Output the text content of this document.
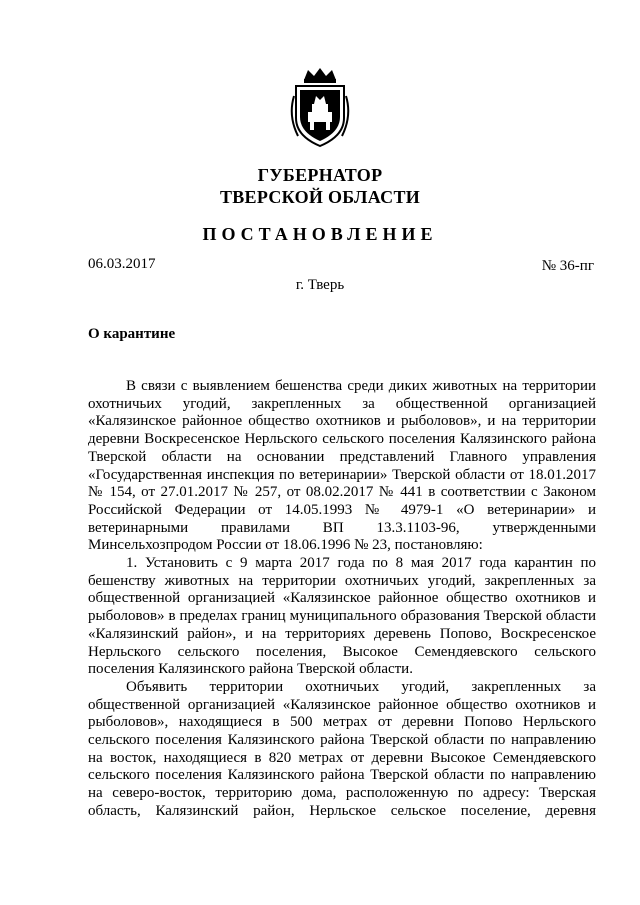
ГУБЕРНАТОР
ТВЕРСКОЙ ОБЛАСТИ
ПОСТАНОВЛЕНИЕ
06.03.2017	№ 36-пг
г. Тверь
О карантине

В связи с выявлением бешенства среди диких животных на территории охотничьих угодий, закрепленных за общественной организацией «Калязинское районное общество охотников и рыболовов», и на территории деревни Воскресенское Нерльского сельского поселения Калязинского района Тверской области на основании представлений Главного управления «Государственная инспекция по ветеринарии» Тверской области от 18.01.2017 № 154, от 27.01.2017 № 257, от 08.02.2017 № 441 в соответствии с Законом Российской Федерации от 14.05.1993 № 4979-1 «О ветеринарии» и ветеринарными правилами ВП 13.3.1103-96, утвержденными Минсельхозпродом России от 18.06.1996 № 23, постановляю:

1. Установить с 9 марта 2017 года по 8 мая 2017 года карантин по бешенству животных на территории охотничьих угодий, закрепленных за общественной организацией «Калязинское районное общество охотников и рыболовов» в пределах границ муниципального образования Тверской области «Калязинский район», и на территориях деревень Попово, Воскресенское Нерльского сельского поселения, Высокое Семендяевского сельского поселения Калязинского района Тверской области.

Объявить территории охотничьих угодий, закрепленных за общественной организацией «Калязинское районное общество охотников и рыболовов», находящиеся в 500 метрах от деревни Попово Нерльского сельского поселения Калязинского района Тверской области по направлению на восток, находящиеся в 820 метрах от деревни Высокое Семендяевского сельского поселения Калязинского района Тверской области по направлению на северо-восток, территорию дома, расположенную по адресу: Тверская область, Калязинский район, Нерльское сельское поселение, деревня
